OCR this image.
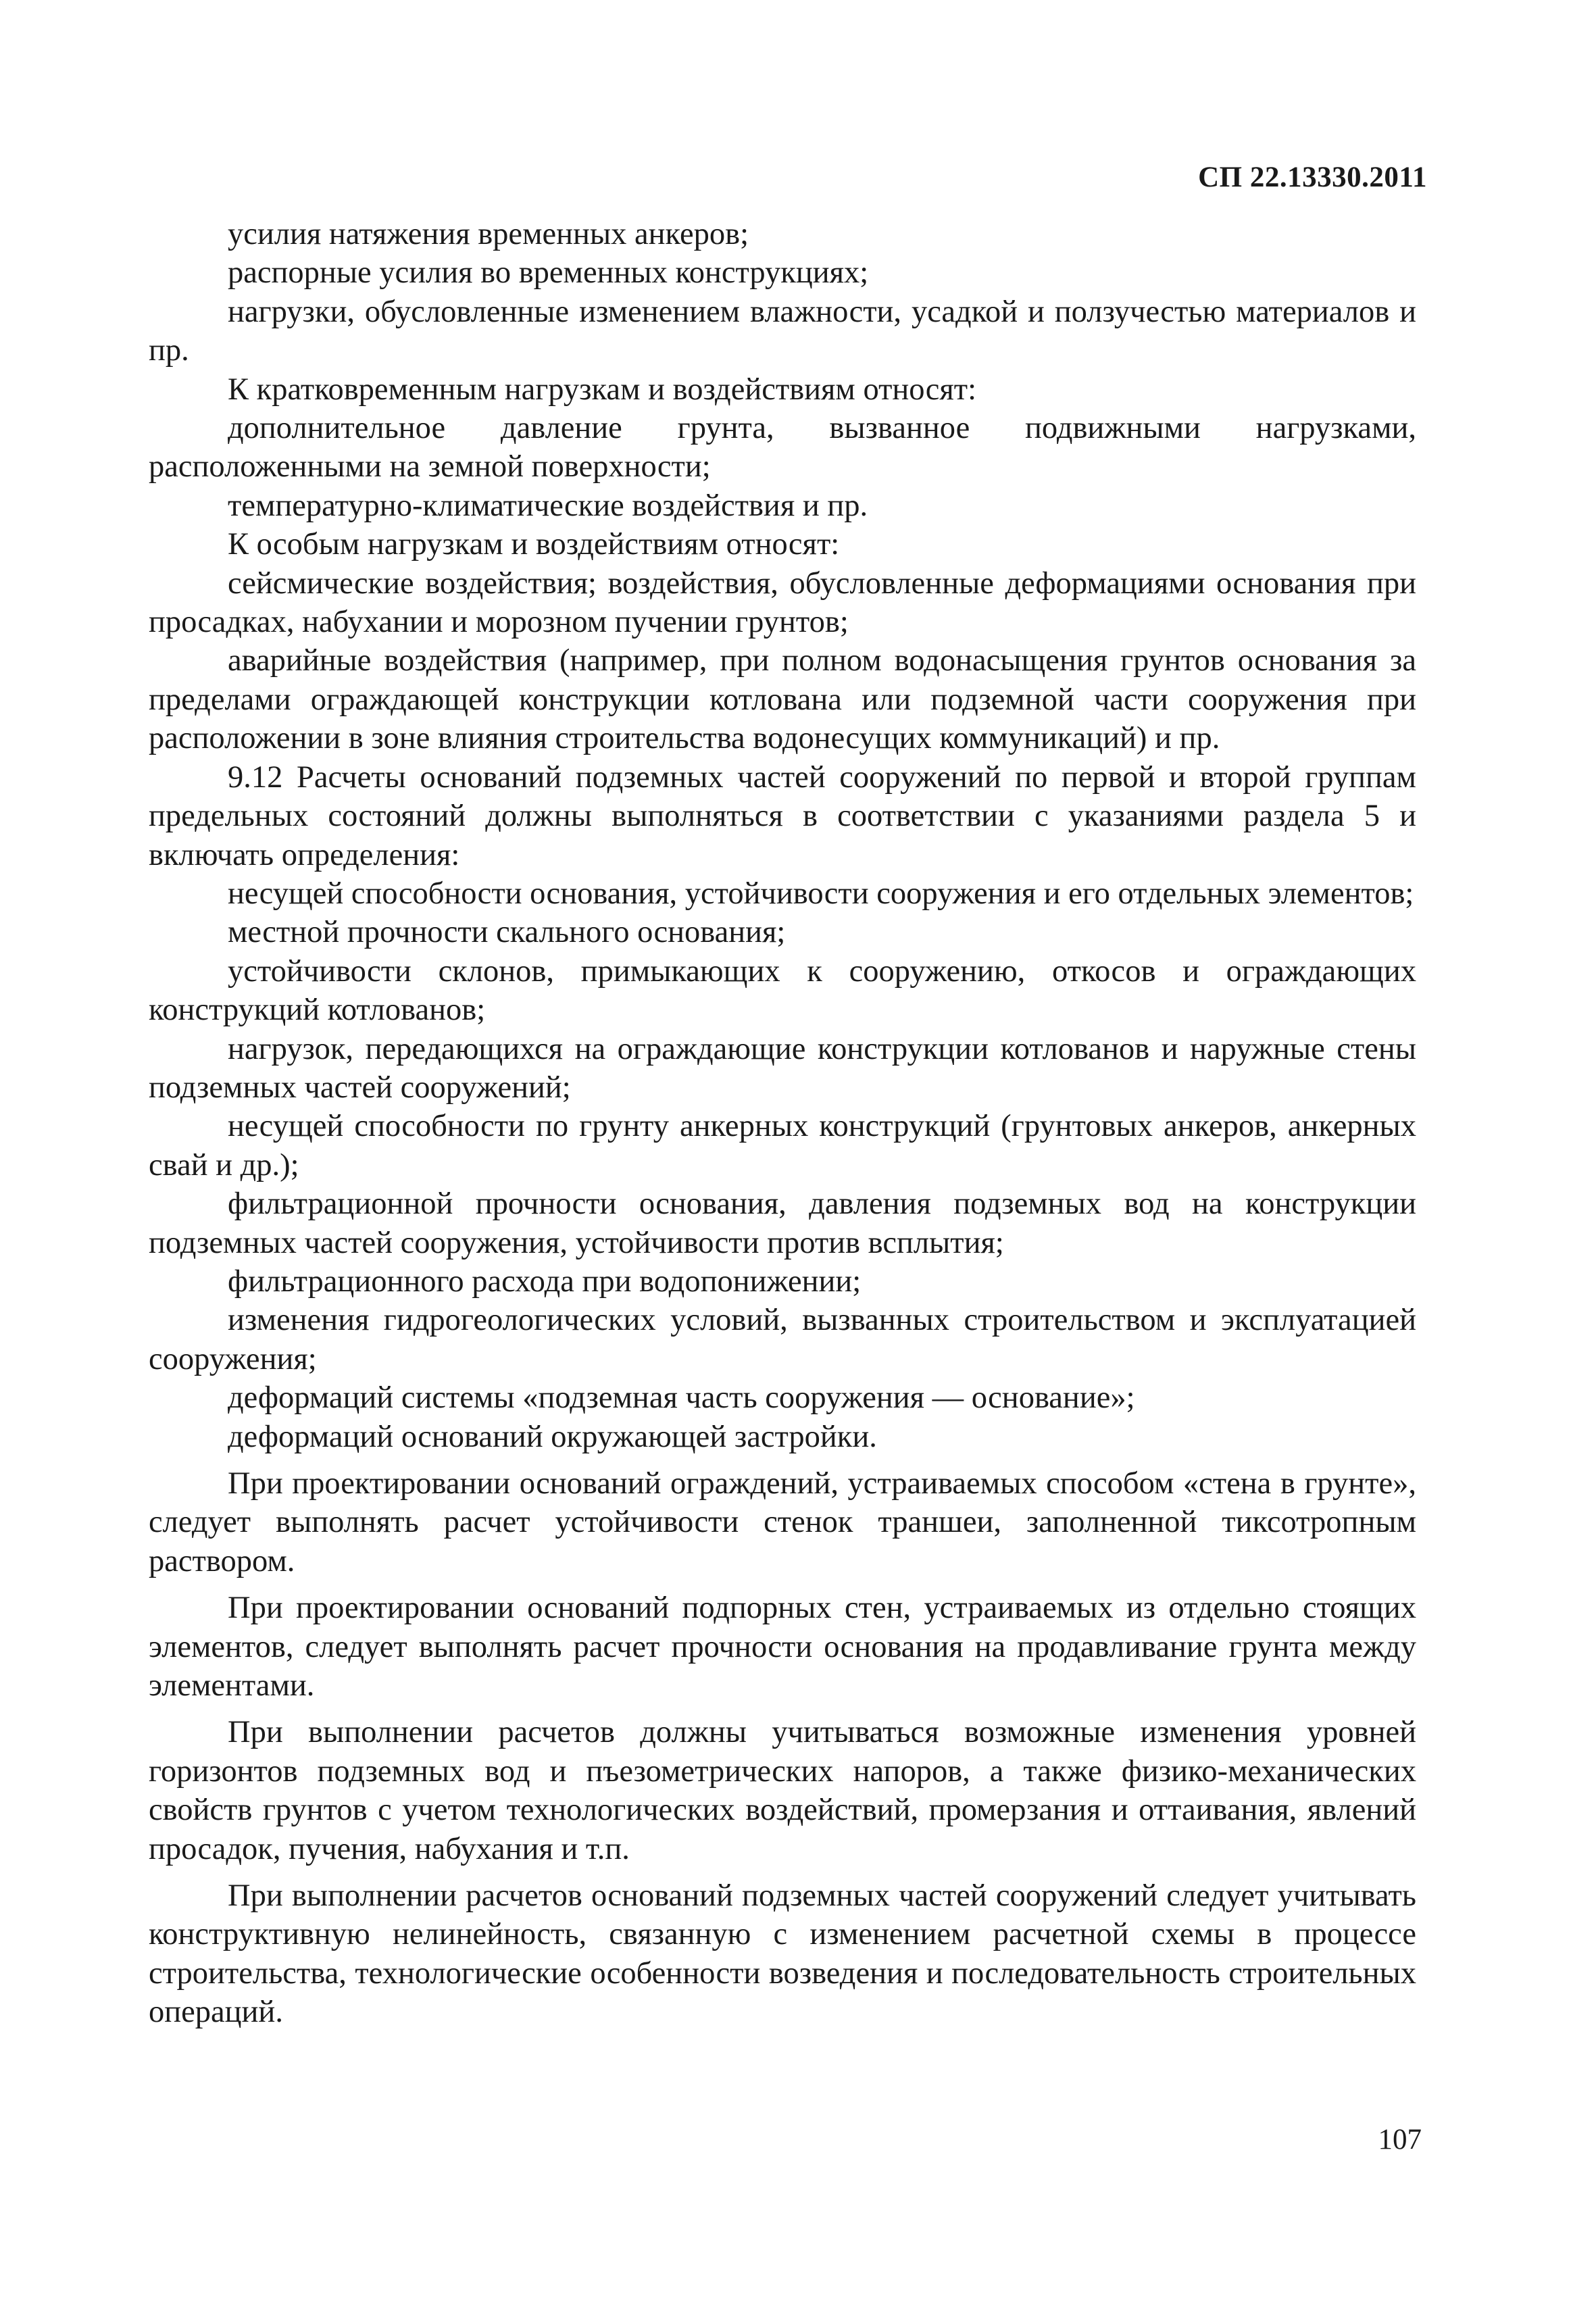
СП 22.13330.2011

усилия натяжения временных анкеров;

распорные усилия во временных конструкциях;

нагрузки, обусловленные изменением влажности, усадкой и ползучестью материалов и пр.

К кратковременным нагрузкам и воздействиям относят:

дополнительное давление грунта, вызванное подвижными нагрузками, расположенными на земной поверхности;

температурно-климатические воздействия и пр.

К особым нагрузкам и воздействиям относят:

сейсмические воздействия; воздействия, обусловленные деформациями основания при просадках, набухании и морозном пучении грунтов;

аварийные воздействия (например, при полном водонасыщения грунтов основания за пределами ограждающей конструкции котлована или подземной части сооружения при расположении в зоне влияния строительства водонесущих коммуникаций) и пр.

9.12 Расчеты оснований подземных частей сооружений по первой и второй группам предельных состояний должны выполняться в соответствии с указаниями раздела 5 и включать определения:

несущей способности основания, устойчивости сооружения и его отдельных элементов;

местной прочности скального основания;

устойчивости склонов, примыкающих к сооружению, откосов и ограждающих конструкций котлованов;

нагрузок, передающихся на ограждающие конструкции котлованов и наружные стены подземных частей сооружений;

несущей способности по грунту анкерных конструкций (грунтовых анкеров, анкерных свай и др.);

фильтрационной прочности основания, давления подземных вод на конструкции подземных частей сооружения, устойчивости против всплытия;

фильтрационного расхода при водопонижении;

изменения гидрогеологических условий, вызванных строительством и эксплуатацией сооружения;

деформаций системы «подземная часть сооружения — основание»;

деформаций оснований окружающей застройки.

При проектировании оснований ограждений, устраиваемых способом «стена в грунте», следует выполнять расчет устойчивости стенок траншеи, заполненной тиксотропным раствором.

При проектировании оснований подпорных стен, устраиваемых из отдельно стоящих элементов, следует выполнять расчет прочности основания на продавливание грунта между элементами.

При выполнении расчетов должны учитываться возможные изменения уровней горизонтов подземных вод и пъезометрических напоров, а также физико-механических свойств грунтов с учетом технологических воздействий, промерзания и оттаивания, явлений просадок, пучения, набухания и т.п.

При выполнении расчетов оснований подземных частей сооружений следует учитывать конструктивную нелинейность, связанную с изменением расчетной схемы в процессе строительства, технологические особенности возведения и последовательность строительных операций.

107
